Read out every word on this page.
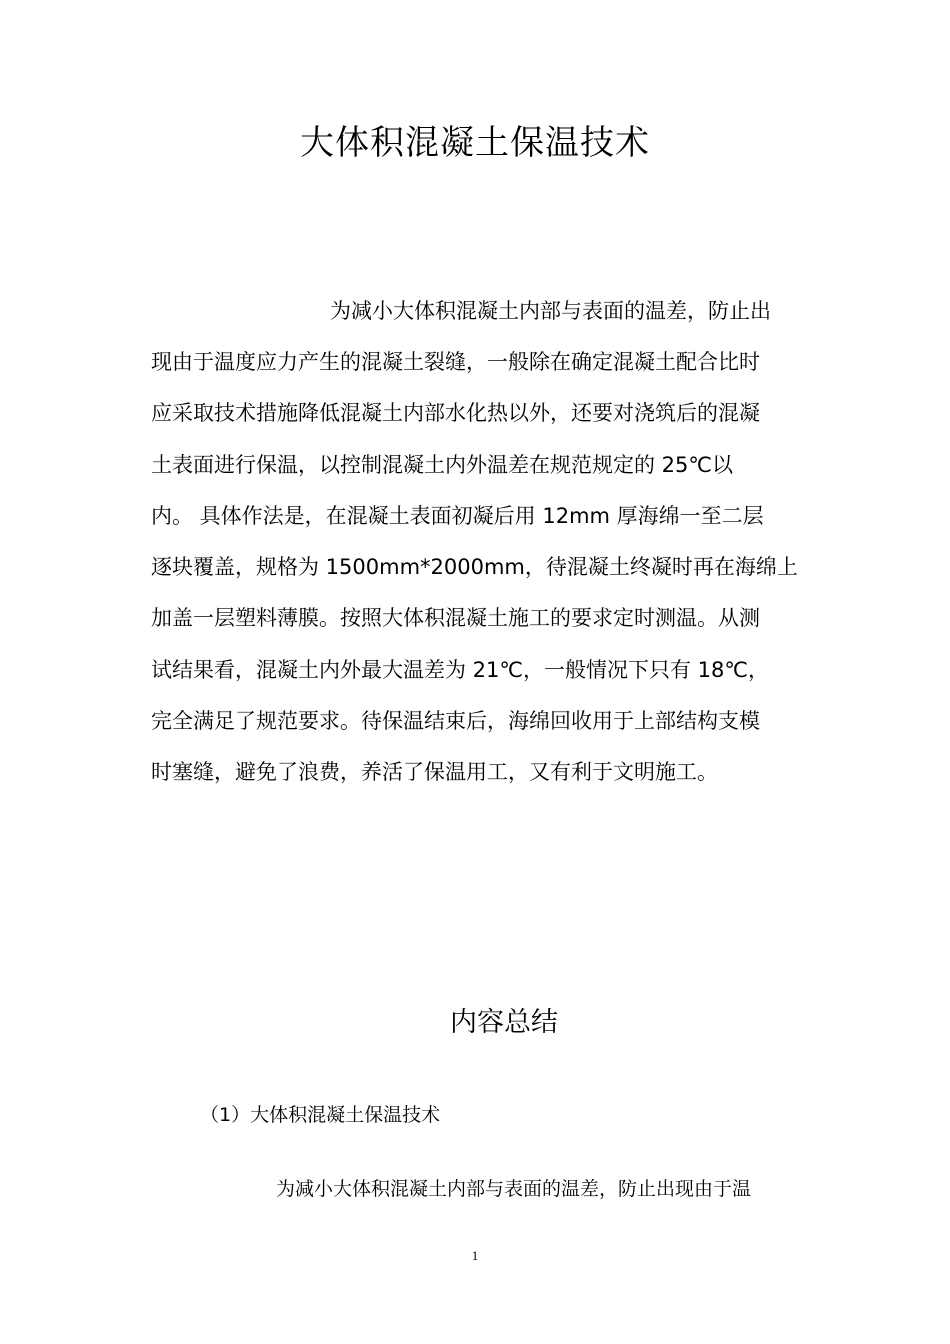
大体积混凝土保温技术

为减小大体积混凝土内部与表面的温差，防止出

现由于温度应力产生的混凝土裂缝，一般除在确定混凝土配合比时

应采取技术措施降低混凝土内部水化热以外，还要对浇筑后的混凝

土表面进行保温，以控制混凝土内外温差在规范规定的 25℃以

内。 具体作法是，在混凝土表面初凝后用 12mm 厚海绵一至二层

逐块覆盖，规格为 1500mm*2000mm，待混凝土终凝时再在海绵上

加盖一层塑料薄膜。按照大体积混凝土施工的要求定时测温。从测

试结果看，混凝土内外最大温差为 21℃，一般情况下只有 18℃，

完全满足了规范要求。待保温结束后，海绵回收用于上部结构支模

时塞缝，避免了浪费，养活了保温用工，又有利于文明施工。

内容总结

（1）大体积混凝土保温技术

为减小大体积混凝土内部与表面的温差，防止出现由于温

1
